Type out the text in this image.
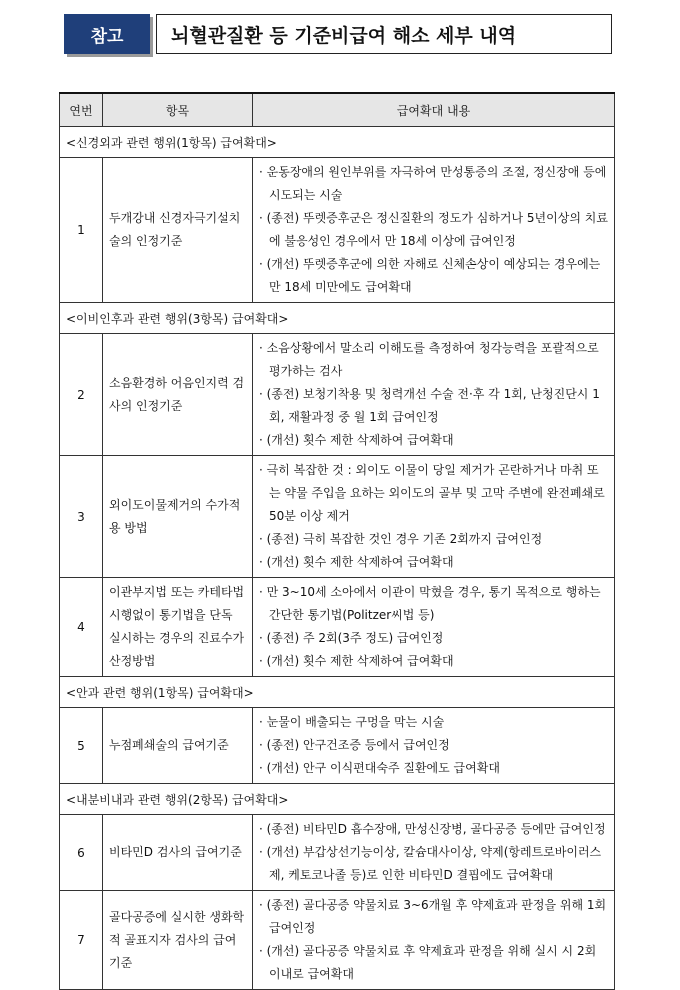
참고	뇌혈관질환 등 기준비급여 해소 세부 내역
연번	항목	급여확대 내용
<신경외과 관련 행위(1항목) 급여확대>		
1	두개강내 신경자극기설치술의 인정기준	· 운동장애의 원인부위를 자극하여 만성통증의 조절, 정신장애 등에 시도되는 시술
· (종전) 뚜렛증후군은 정신질환의 정도가 심하거나 5년이상의 치료에 불응성인 경우에서 만 18세 이상에 급여인정
· (개선) 뚜렛증후군에 의한 자해로 신체손상이 예상되는 경우에는 만 18세 미만에도 급여확대

<이비인후과 관련 행위(3항목) 급여확대>		
2	소음환경하 어음인지력 검사의 인정기준	· 소음상황에서 말소리 이해도를 측정하여 청각능력을 포괄적으로 평가하는 검사
· (종전) 보청기착용 및 청력개선 수술 전·후 각 1회, 난청진단시 1회, 재활과정 중 월 1회 급여인정
· (개선) 횟수 제한 삭제하여 급여확대

3	외이도이물제거의 수가적용 방법	· 극히 복잡한 것 : 외이도 이물이 당일 제거가 곤란하거나 마취 또는 약물 주입을 요하는 외이도의 골부 및 고막 주변에 완전폐쇄로 50분 이상 제거
· (종전) 극히 복잡한 것인 경우 기존 2회까지 급여인정
· (개선) 횟수 제한 삭제하여 급여확대

4	이관부지법 또는 카테타법 시행없이 통기법을 단독 실시하는 경우의 진료수가 산정방법	· 만 3~10세 소아에서 이관이 막혔을 경우, 통기 목적으로 행하는 간단한 통기법(Politzer씨법 등)
· (종전) 주 2회(3주 정도) 급여인정
· (개선) 횟수 제한 삭제하여 급여확대

<안과 관련 행위(1항목) 급여확대>		
5	누점폐쇄술의 급여기준	· 눈물이 배출되는 구멍을 막는 시술
· (종전) 안구건조증 등에서 급여인정
· (개선) 안구 이식편대숙주 질환에도 급여확대

<내분비내과 관련 행위(2항목) 급여확대>		
6	비타민D 검사의 급여기준	· (종전) 비타민D 흡수장애, 만성신장병, 골다공증 등에만 급여인정
· (개선) 부갑상선기능이상, 칼슘대사이상, 약제(항레트로바이러스제, 케토코나졸 등)로 인한 비타민D 결핍에도 급여확대

7	골다공증에 실시한 생화학적 골표지자 검사의 급여기준	· (종전) 골다공증 약물치료 3~6개월 후 약제효과 판정을 위해 1회 급여인정
· (개선) 골다공증 약물치료 후 약제효과 판정을 위해 실시 시 2회 이내로 급여확대
